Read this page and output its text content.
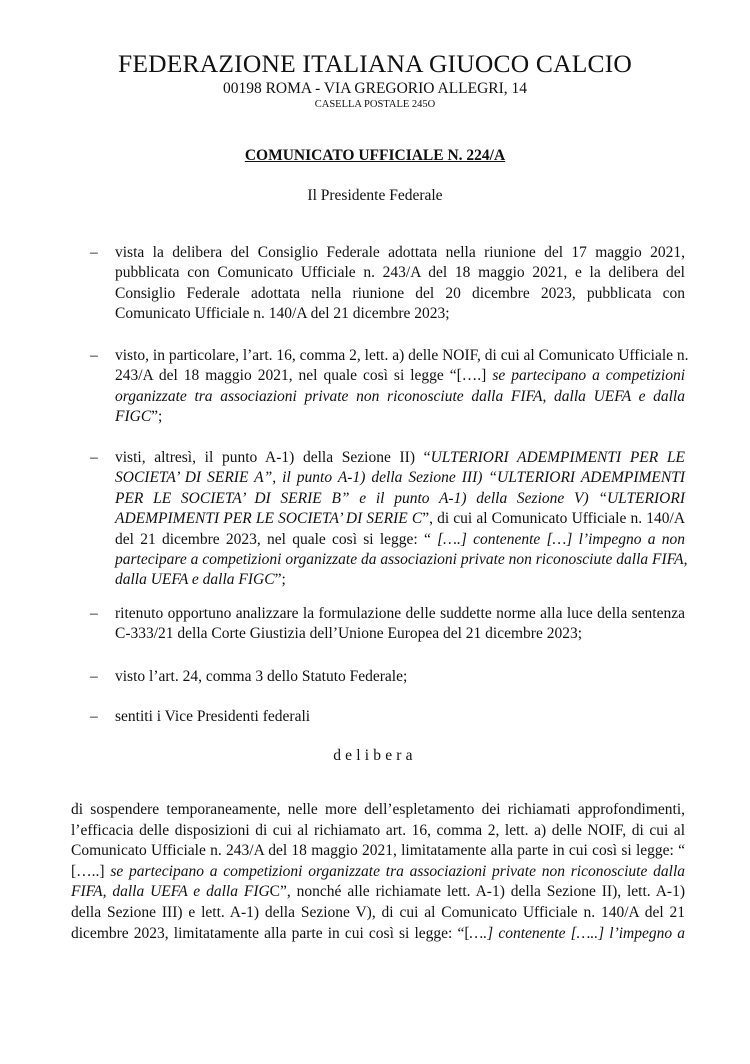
FEDERAZIONE ITALIANA GIUOCO CALCIO
00198 ROMA - VIA GREGORIO ALLEGRI, 14
CASELLA POSTALE 245O
COMUNICATO UFFICIALE N. 224/A
Il Presidente Federale
– vista la delibera del Consiglio Federale adottata nella riunione del 17 maggio 2021,
pubblicata con Comunicato Ufficiale n. 243/A del 18 maggio 2021, e la delibera del
Consiglio Federale adottata nella riunione del 20 dicembre 2023, pubblicata con
Comunicato Ufficiale n. 140/A del 21 dicembre 2023;
– visto, in particolare, l’art. 16, comma 2, lett. a) delle NOIF, di cui al Comunicato Ufficiale n.
243/A del 18 maggio 2021, nel quale così si legge “[….] se partecipano a competizioni
organizzate tra associazioni private non riconosciute dalla FIFA, dalla UEFA e dalla
FIGC”;
– visti, altresì, il punto A-1) della Sezione II) “ULTERIORI ADEMPIMENTI PER LE
SOCIETA’ DI SERIE A”, il punto A-1) della Sezione III) “ULTERIORI ADEMPIMENTI
PER LE SOCIETA’ DI SERIE B” e il punto A-1) della Sezione V) “ULTERIORI
ADEMPIMENTI PER LE SOCIETA’ DI SERIE C”, di cui al Comunicato Ufficiale n. 140/A
del 21 dicembre 2023, nel quale così si legge: “ [….] contenente […] l’impegno a non
partecipare a competizioni organizzate da associazioni private non riconosciute dalla FIFA,
dalla UEFA e dalla FIGC”;
– ritenuto opportuno analizzare la formulazione delle suddette norme alla luce della sentenza
C-333/21 della Corte Giustizia dell’Unione Europea del 21 dicembre 2023;
– visto l’art. 24, comma 3 dello Statuto Federale;
– sentiti i Vice Presidenti federali
delibera
di sospendere temporaneamente, nelle more dell’espletamento dei richiamati approfondimenti,
l’efficacia delle disposizioni di cui al richiamato art. 16, comma 2, lett. a) delle NOIF, di cui al
Comunicato Ufficiale n. 243/A del 18 maggio 2021, limitatamente alla parte in cui così si legge: “
[…..] se partecipano a competizioni organizzate tra associazioni private non riconosciute dalla
FIFA, dalla UEFA e dalla FIGC”, nonché alle richiamate lett. A-1) della Sezione II), lett. A-1)
della Sezione III) e lett. A-1) della Sezione V), di cui al Comunicato Ufficiale n. 140/A del 21
dicembre 2023, limitatamente alla parte in cui così si legge: “[….] contenente […..] l’impegno a
